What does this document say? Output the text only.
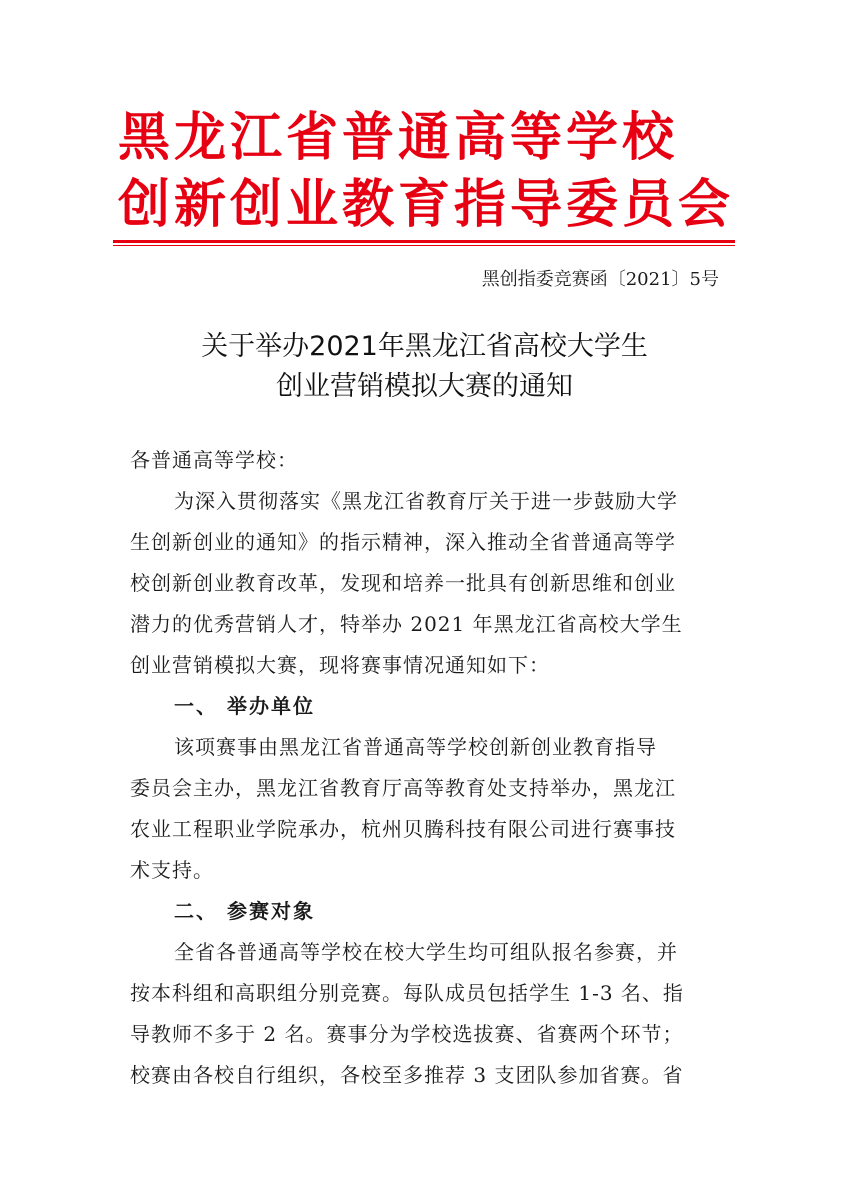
黑龙江省普通高等学校
创新创业教育指导委员会
黑创指委竞赛函〔2021〕5号
关于举办2021年黑龙江省高校大学生
创业营销模拟大赛的通知
各普通高等学校：
为深入贯彻落实《黑龙江省教育厅关于进一步鼓励大学
生创新创业的通知》的指示精神，深入推动全省普通高等学
校创新创业教育改革，发现和培养一批具有创新思维和创业
潜力的优秀营销人才，特举办 2021 年黑龙江省高校大学生
创业营销模拟大赛，现将赛事情况通知如下：
一、 举办单位
该项赛事由黑龙江省普通高等学校创新创业教育指导
委员会主办，黑龙江省教育厅高等教育处支持举办，黑龙江
农业工程职业学院承办，杭州贝腾科技有限公司进行赛事技
术支持。
二、 参赛对象
全省各普通高等学校在校大学生均可组队报名参赛，并
按本科组和高职组分别竞赛。每队成员包括学生 1-3 名、指
导教师不多于 2 名。赛事分为学校选拔赛、省赛两个环节；
校赛由各校自行组织，各校至多推荐 3 支团队参加省赛。省
